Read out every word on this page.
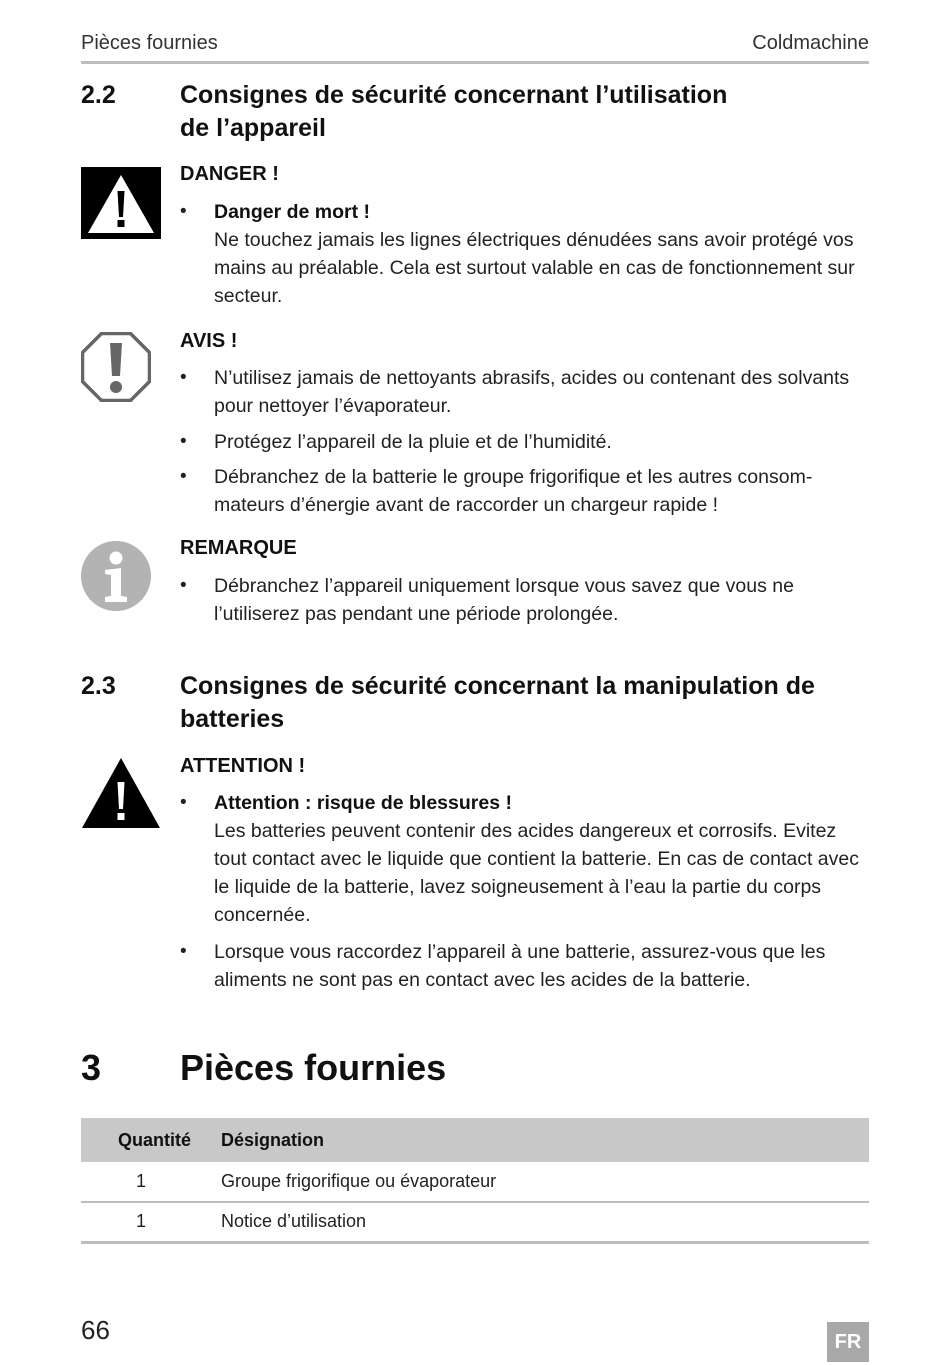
Pièces fournies	Coldmachine
2.2	Consignes de sécurité concernant l’utilisation
de l’appareil
DANGER !
• Danger de mort !
Ne touchez jamais les lignes électriques dénudées sans avoir protégé vos mains au préalable. Cela est surtout valable en cas de fonctionnement sur secteur.
AVIS !
• N’utilisez jamais de nettoyants abrasifs, acides ou contenant des solvants pour nettoyer l’évaporateur.
• Protégez l’appareil de la pluie et de l’humidité.
• Débranchez de la batterie le groupe frigorifique et les autres consommateurs d’énergie avant de raccorder un chargeur rapide !
REMARQUE
• Débranchez l’appareil uniquement lorsque vous savez que vous ne l’utiliserez pas pendant une période prolongée.
2.3	Consignes de sécurité concernant la manipulation de
batteries
ATTENTION !
• Attention : risque de blessures !
Les batteries peuvent contenir des acides dangereux et corrosifs. Evitez tout contact avec le liquide que contient la batterie. En cas de contact avec le liquide de la batterie, lavez soigneusement à l’eau la partie du corps concernée.
• Lorsque vous raccordez l’appareil à une batterie, assurez-vous que les aliments ne sont pas en contact avec les acides de la batterie.
3 Pièces fournies
Quantité	Désignation
1	Groupe frigorifique ou évaporateur
1	Notice d’utilisation
66	FR
